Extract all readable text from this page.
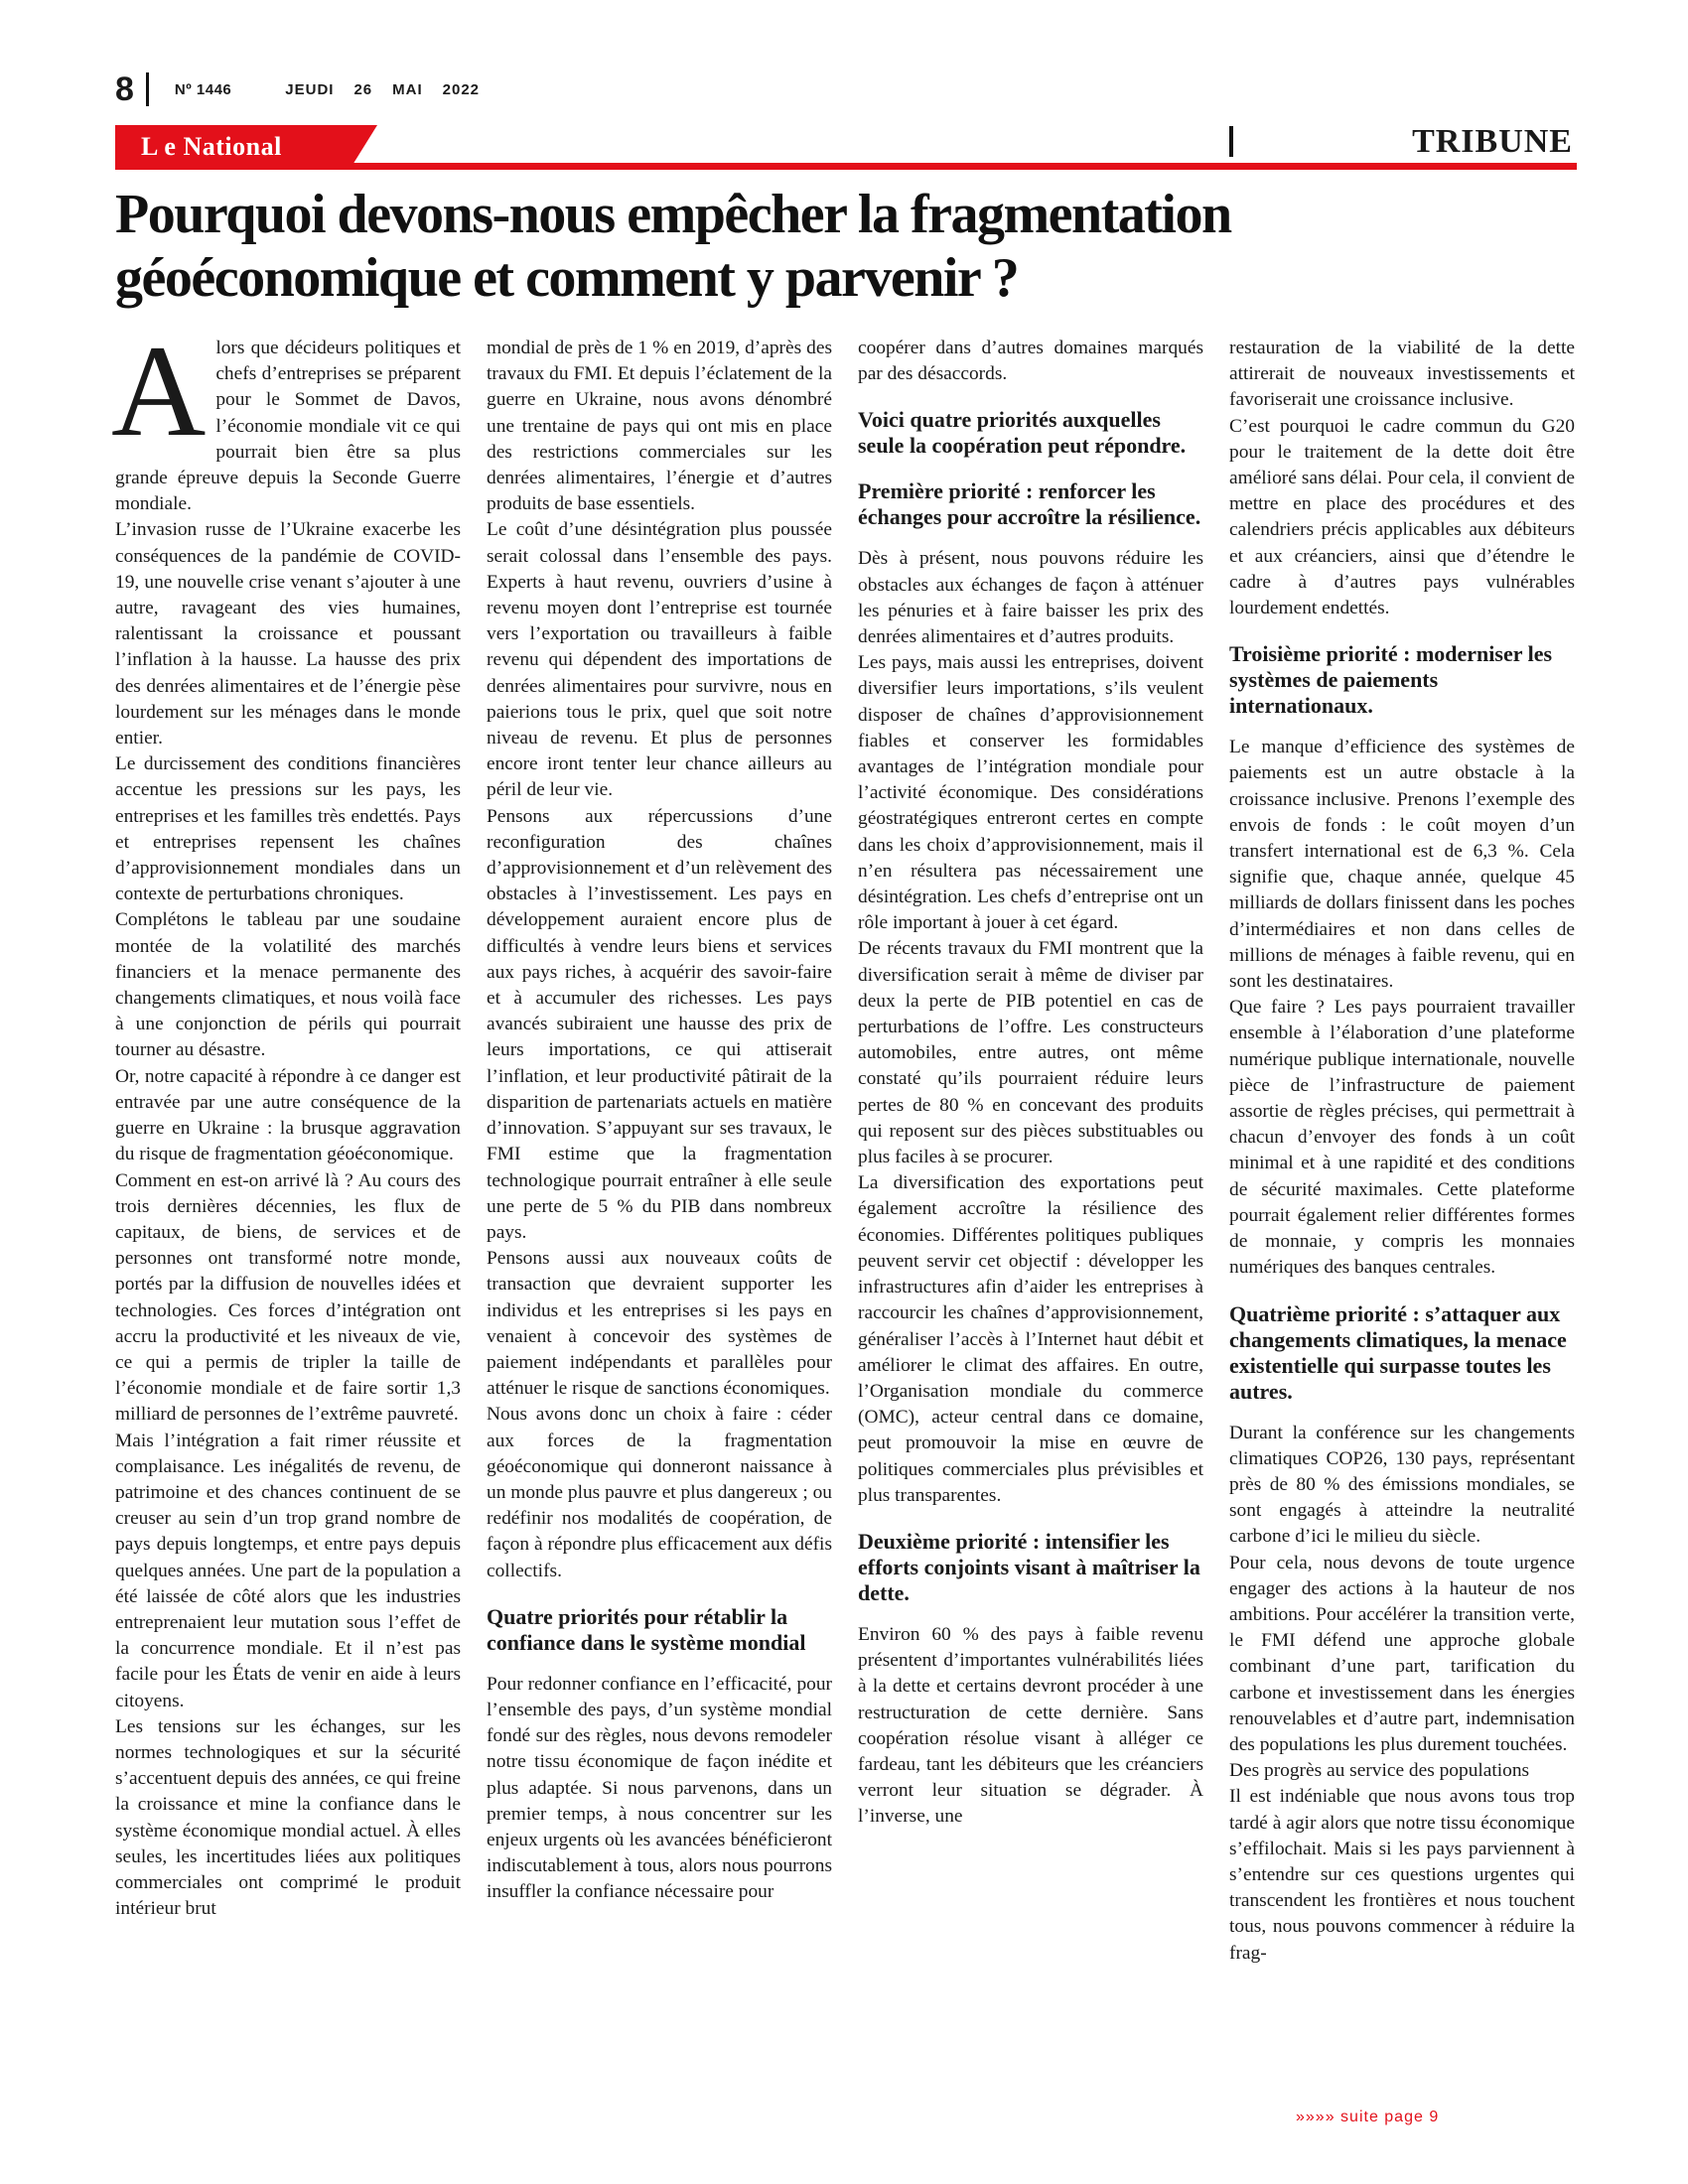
8	Nº 1446	JEUDI 26 MAI 2022
L e National	TRIBUNE
Pourquoi devons-nous empêcher la fragmentation géoéconomique et comment y parvenir ?
A lors que décideurs politiques et chefs d’entreprises se préparent pour le Sommet de Davos, l’économie mondiale vit ce qui pourrait bien être sa plus grande épreuve depuis la Seconde Guerre mondiale.

L’invasion russe de l’Ukraine exacerbe les conséquences de la pandémie de COVID-19, une nouvelle crise venant s’ajouter à une autre, ravageant des vies humaines, ralentissant la croissance et poussant l’inflation à la hausse. La hausse des prix des denrées alimentaires et de l’énergie pèse lourdement sur les ménages dans le monde entier.

Le durcissement des conditions financières accentue les pressions sur les pays, les entreprises et les familles très endettés. Pays et entreprises repensent les chaînes d’approvisionnement mondiales dans un contexte de perturbations chroniques.

Complétons le tableau par une soudaine montée de la volatilité des marchés financiers et la menace permanente des changements climatiques, et nous voilà face à une conjonction de périls qui pourrait tourner au désastre.

Or, notre capacité à répondre à ce danger est entravée par une autre conséquence de la guerre en Ukraine : la brusque aggravation du risque de fragmentation géoéconomique.

Comment en est-on arrivé là ? Au cours des trois dernières décennies, les flux de capitaux, de biens, de services et de personnes ont transformé notre monde, portés par la diffusion de nouvelles idées et technologies. Ces forces d’intégration ont accru la productivité et les niveaux de vie, ce qui a permis de tripler la taille de l’économie mondiale et de faire sortir 1,3 milliard de personnes de l’extrême pauvreté.

Mais l’intégration a fait rimer réussite et complaisance. Les inégalités de revenu, de patrimoine et des chances continuent de se creuser au sein d’un trop grand nombre de pays depuis longtemps, et entre pays depuis quelques années. Une part de la population a été laissée de côté alors que les industries entreprenaient leur mutation sous l’effet de la concurrence mondiale. Et il n’est pas facile pour les États de venir en aide à leurs citoyens.

Les tensions sur les échanges, sur les normes technologiques et sur la sécurité s’accentuent depuis des années, ce qui freine la croissance et mine la confiance dans le système économique mondial actuel. À elles seules, les incertitudes liées aux politiques commerciales ont comprimé le produit intérieur brut

mondial de près de 1 % en 2019, d’après des travaux du FMI. Et depuis l’éclatement de la guerre en Ukraine, nous avons dénombré une trentaine de pays qui ont mis en place des restrictions commerciales sur les denrées alimentaires, l’énergie et d’autres produits de base essentiels.

Le coût d’une désintégration plus poussée serait colossal dans l’ensemble des pays. Experts à haut revenu, ouvriers d’usine à revenu moyen dont l’entreprise est tournée vers l’exportation ou travailleurs à faible revenu qui dépendent des importations de denrées alimentaires pour survivre, nous en paierions tous le prix, quel que soit notre niveau de revenu. Et plus de personnes encore iront tenter leur chance ailleurs au péril de leur vie.

Pensons aux répercussions d’une reconfiguration des chaînes d’approvisionnement et d’un relèvement des obstacles à l’investissement. Les pays en développement auraient encore plus de difficultés à vendre leurs biens et services aux pays riches, à acquérir des savoir-faire et à accumuler des richesses. Les pays avancés subiraient une hausse des prix de leurs importations, ce qui attiserait l’inflation, et leur productivité pâtirait de la disparition de partenariats actuels en matière d’innovation. S’appuyant sur ses travaux, le FMI estime que la fragmentation technologique pourrait entraîner à elle seule une perte de 5 % du PIB dans nombreux pays.

Pensons aussi aux nouveaux coûts de transaction que devraient supporter les individus et les entreprises si les pays en venaient à concevoir des systèmes de paiement indépendants et parallèles pour atténuer le risque de sanctions économiques.

Nous avons donc un choix à faire : céder aux forces de la fragmentation géoéconomique qui donneront naissance à un monde plus pauvre et plus dangereux ; ou redéfinir nos modalités de coopération, de façon à répondre plus efficacement aux défis collectifs.

Quatre priorités pour rétablir la confiance dans le système mondial

Pour redonner confiance en l’efficacité, pour l’ensemble des pays, d’un système mondial fondé sur des règles, nous devons remodeler notre tissu économique de façon inédite et plus adaptée. Si nous parvenons, dans un premier temps, à nous concentrer sur les enjeux urgents où les avancées bénéficieront indiscutablement à tous, alors nous pourrons insuffler la confiance nécessaire pour

coopérer dans d’autres domaines marqués par des désaccords.

Voici quatre priorités auxquelles seule la coopération peut répondre.
Première priorité : renforcer les échanges pour accroître la résilience.

Dès à présent, nous pouvons réduire les obstacles aux échanges de façon à atténuer les pénuries et à faire baisser les prix des denrées alimentaires et d’autres produits.

Les pays, mais aussi les entreprises, doivent diversifier leurs importations, s’ils veulent disposer de chaînes d’approvisionnement fiables et conserver les formidables avantages de l’intégration mondiale pour l’activité économique. Des considérations géostratégiques entreront certes en compte dans les choix d’approvisionnement, mais il n’en résultera pas nécessairement une désintégration. Les chefs d’entreprise ont un rôle important à jouer à cet égard.

De récents travaux du FMI montrent que la diversification serait à même de diviser par deux la perte de PIB potentiel en cas de perturbations de l’offre. Les constructeurs automobiles, entre autres, ont même constaté qu’ils pourraient réduire leurs pertes de 80 % en concevant des produits qui reposent sur des pièces substituables ou plus faciles à se procurer.

La diversification des exportations peut également accroître la résilience des économies. Différentes politiques publiques peuvent servir cet objectif : développer les infrastructures afin d’aider les entreprises à raccourcir les chaînes d’approvisionnement, généraliser l’accès à l’Internet haut débit et améliorer le climat des affaires. En outre, l’Organisation mondiale du commerce (OMC), acteur central dans ce domaine, peut promouvoir la mise en œuvre de politiques commerciales plus prévisibles et plus transparentes.

Deuxième priorité : intensifier les efforts conjoints visant à maîtriser la dette.

Environ 60 % des pays à faible revenu présentent d’importantes vulnérabilités liées à la dette et certains devront procéder à une restructuration de cette dernière. Sans coopération résolue visant à alléger ce fardeau, tant les débiteurs que les créanciers verront leur situation se dégrader. À l’inverse, une

restauration de la viabilité de la dette attirerait de nouveaux investissements et favoriserait une croissance inclusive.

C’est pourquoi le cadre commun du G20 pour le traitement de la dette doit être amélioré sans délai. Pour cela, il convient de mettre en place des procédures et des calendriers précis applicables aux débiteurs et aux créanciers, ainsi que d’étendre le cadre à d’autres pays vulnérables lourdement endettés.

Troisième priorité : moderniser les systèmes de paiements internationaux.

Le manque d’efficience des systèmes de paiements est un autre obstacle à la croissance inclusive. Prenons l’exemple des envois de fonds : le coût moyen d’un transfert international est de 6,3 %. Cela signifie que, chaque année, quelque 45 milliards de dollars finissent dans les poches d’intermédiaires et non dans celles de millions de ménages à faible revenu, qui en sont les destinataires.

Que faire ? Les pays pourraient travailler ensemble à l’élaboration d’une plateforme numérique publique internationale, nouvelle pièce de l’infrastructure de paiement assortie de règles précises, qui permettrait à chacun d’envoyer des fonds à un coût minimal et à une rapidité et des conditions de sécurité maximales. Cette plateforme pourrait également relier différentes formes de monnaie, y compris les monnaies numériques des banques centrales.

Quatrième priorité : s’attaquer aux changements climatiques, la menace existentielle qui surpasse toutes les autres.

Durant la conférence sur les changements climatiques COP26, 130 pays, représentant près de 80 % des émissions mondiales, se sont engagés à atteindre la neutralité carbone d’ici le milieu du siècle.

Pour cela, nous devons de toute urgence engager des actions à la hauteur de nos ambitions. Pour accélérer la transition verte, le FMI défend une approche globale combinant d’une part, tarification du carbone et investissement dans les énergies renouvelables et d’autre part, indemnisation des populations les plus durement touchées.

Des progrès au service des populations

Il est indéniable que nous avons tous trop tardé à agir alors que notre tissu économique s’effilochait. Mais si les pays parviennent à s’entendre sur ces questions urgentes qui transcendent les frontières et nous touchent tous, nous pouvons commencer à réduire la frag-

»»»» suite page 9
